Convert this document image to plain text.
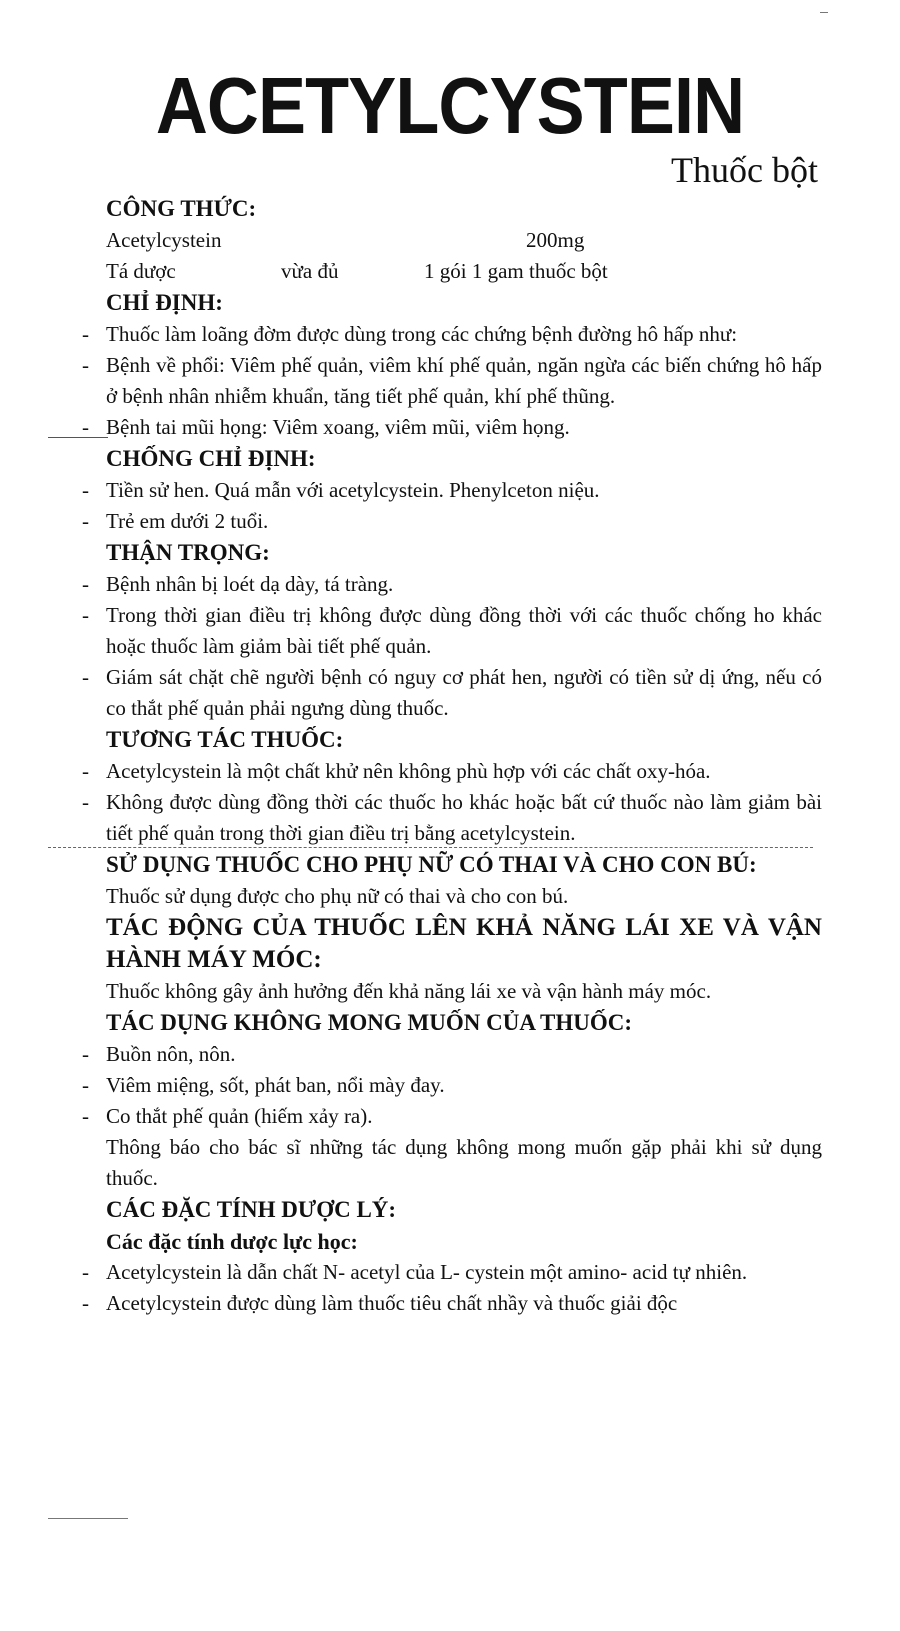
ACETYLCYSTEIN
Thuốc bột
CÔNG THỨC:
Acetylcystein	200mg
Tá dược	vừa đủ	1 gói 1 gam thuốc bột
CHỈ ĐỊNH:
- Thuốc làm loãng đờm được dùng trong các chứng bệnh đường hô hấp như:
- Bệnh về phổi: Viêm phế quản, viêm khí phế quản, ngăn ngừa các biến chứng hô hấp ở bệnh nhân nhiễm khuẩn, tăng tiết phế quản, khí phế thũng.
- Bệnh tai mũi họng: Viêm xoang, viêm mũi, viêm họng.
CHỐNG CHỈ ĐỊNH:
- Tiền sử hen. Quá mẫn với acetylcystein. Phenylceton niệu.
- Trẻ em dưới 2 tuổi.
THẬN TRỌNG:
- Bệnh nhân bị loét dạ dày, tá tràng.
- Trong thời gian điều trị không được dùng đồng thời với các thuốc chống ho khác hoặc thuốc làm giảm bài tiết phế quản.
- Giám sát chặt chẽ người bệnh có nguy cơ phát hen, người có tiền sử dị ứng, nếu có co thắt phế quản phải ngưng dùng thuốc.
TƯƠNG TÁC THUỐC:
- Acetylcystein là một chất khử nên không phù hợp với các chất oxy-hóa.
- Không được dùng đồng thời các thuốc ho khác hoặc bất cứ thuốc nào làm giảm bài tiết phế quản trong thời gian điều trị bằng acetylcystein.
SỬ DỤNG THUỐC CHO PHỤ NỮ CÓ THAI VÀ CHO CON BÚ:
Thuốc sử dụng được cho phụ nữ có thai và cho con bú.
TÁC ĐỘNG CỦA THUỐC LÊN KHẢ NĂNG LÁI XE VÀ VẬN HÀNH MÁY MÓC:
Thuốc không gây ảnh hưởng đến khả năng lái xe và vận hành máy móc.
TÁC DỤNG KHÔNG MONG MUỐN CỦA THUỐC:
- Buồn nôn, nôn.
- Viêm miệng, sốt, phát ban, nổi mày đay.
- Co thắt phế quản (hiếm xảy ra).
Thông báo cho bác sĩ những tác dụng không mong muốn gặp phải khi sử dụng thuốc.
CÁC ĐẶC TÍNH DƯỢC LÝ:
Các đặc tính dược lực học:
- Acetylcystein là dẫn chất N- acetyl của L- cystein một amino- acid tự nhiên.
- Acetylcystein được dùng làm thuốc tiêu chất nhầy và thuốc giải độc
